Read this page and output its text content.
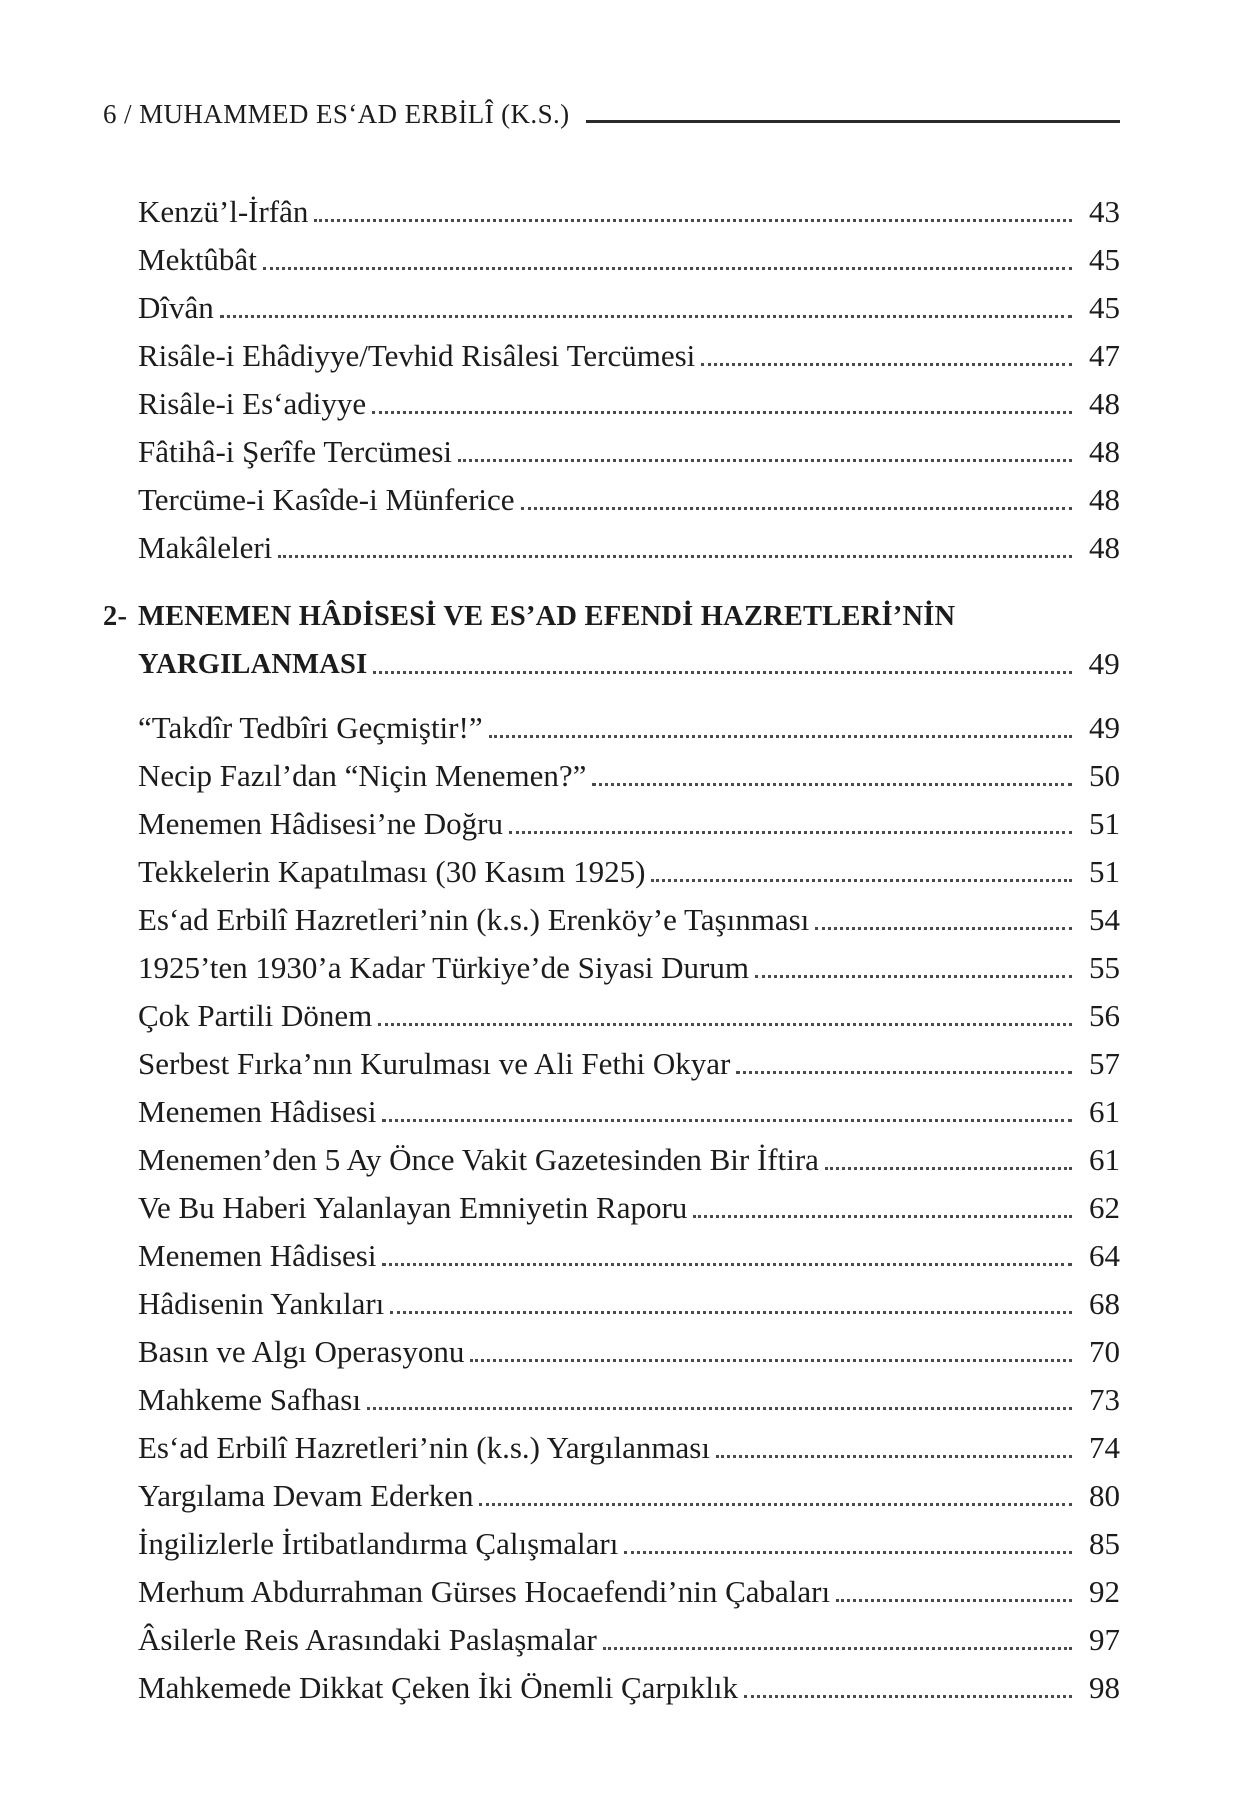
6 / MUHAMMED ES‘AD ERBİLÎ (K.S.)
Kenzü’l-İrfân	43
Mektûbât	45
Dîvân	45
Risâle-i Ehâdiyye/Tevhid Risâlesi Tercümesi	47
Risâle-i Es‘adiyye	48
Fâtihâ-i Şerîfe Tercümesi	48
Tercüme-i Kasîde-i Münferice	48
Makâleleri	48
2- MENEMEN HÂDİSESİ VE ES’AD EFENDİ HAZRETLERİ’NİN
YARGILANMASI	49
“Takdîr Tedbîri Geçmiştir!”	49
Necip Fazıl’dan “Niçin Menemen?”	50
Menemen Hâdisesi’ne Doğru	51
Tekkelerin Kapatılması (30 Kasım 1925)	51
Es‘ad Erbilî Hazretleri’nin (k.s.) Erenköy’e Taşınması	54
1925’ten 1930’a Kadar Türkiye’de Siyasi Durum	55
Çok Partili Dönem	56
Serbest Fırka’nın Kurulması ve Ali Fethi Okyar	57
Menemen Hâdisesi	61
Menemen’den 5 Ay Önce Vakit Gazetesinden Bir İftira	61
Ve Bu Haberi Yalanlayan Emniyetin Raporu	62
Menemen Hâdisesi	64
Hâdisenin Yankıları	68
Basın ve Algı Operasyonu	70
Mahkeme Safhası	73
Es‘ad Erbilî Hazretleri’nin (k.s.) Yargılanması	74
Yargılama Devam Ederken	80
İngilizlerle İrtibatlandırma Çalışmaları	85
Merhum Abdurrahman Gürses Hocaefendi’nin Çabaları	92
Âsilerle Reis Arasındaki Paslaşmalar	97
Mahkemede Dikkat Çeken İki Önemli Çarpıklık	98
